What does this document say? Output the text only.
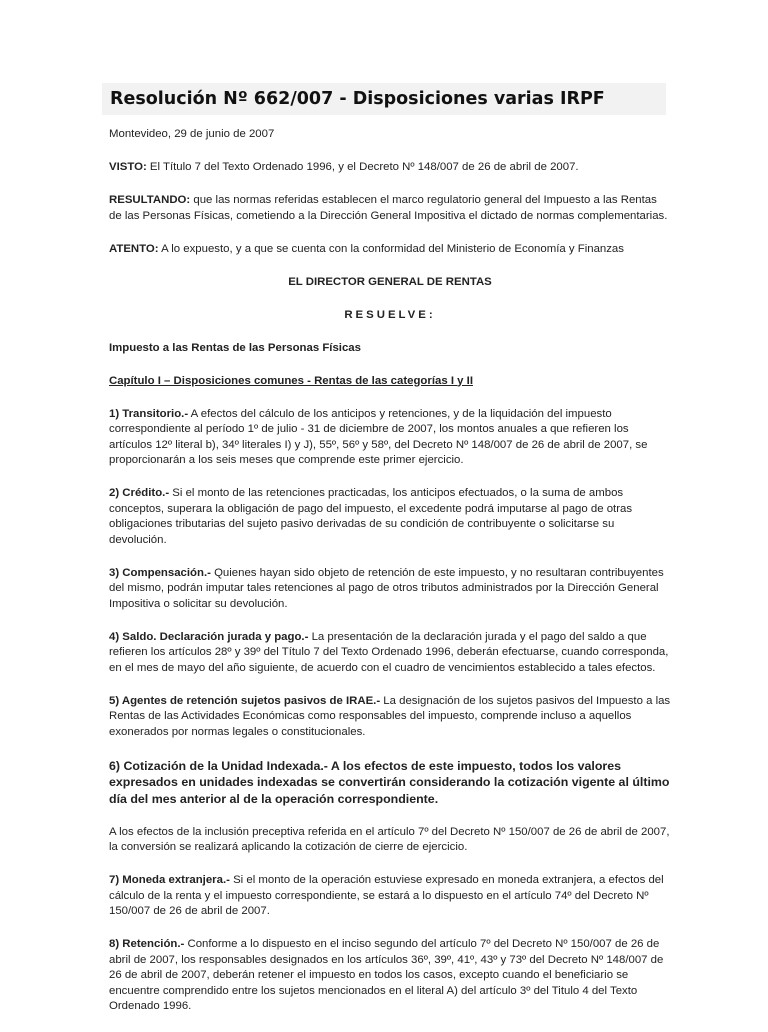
Resolución Nº 662/007 - Disposiciones varias IRPF

Montevideo, 29 de junio de 2007

VISTO: El Título 7 del Texto Ordenado 1996, y el Decreto Nº 148/007 de 26 de abril de 2007.

RESULTANDO: que las normas referidas establecen el marco regulatorio general del Impuesto a las Rentas de las Personas Físicas, cometiendo a la Dirección General Impositiva el dictado de normas complementarias.

ATENTO: A lo expuesto, y a que se cuenta con la conformidad del Ministerio de Economía y Finanzas

EL DIRECTOR GENERAL DE RENTAS

RESUELVE:

Impuesto a las Rentas de las Personas Físicas

Capítulo I – Disposiciones comunes - Rentas de las categorías I y II

1) Transitorio.- A efectos del cálculo de los anticipos y retenciones, y de la liquidación del impuesto correspondiente al período 1º de julio - 31 de diciembre de 2007, los montos anuales a que refieren los artículos 12º literal b), 34º literales I) y J), 55º, 56º y 58º, del Decreto Nº 148/007 de 26 de abril de 2007, se proporcionarán a los seis meses que comprende este primer ejercicio.

2) Crédito.- Si el monto de las retenciones practicadas, los anticipos efectuados, o la suma de ambos conceptos, superara la obligación de pago del impuesto, el excedente podrá imputarse al pago de otras obligaciones tributarias del sujeto pasivo derivadas de su condición de contribuyente o solicitarse su devolución.

3) Compensación.- Quienes hayan sido objeto de retención de este impuesto, y no resultaran contribuyentes del mismo, podrán imputar tales retenciones al pago de otros tributos administrados por la Dirección General Impositiva o solicitar su devolución.

4) Saldo. Declaración jurada y pago.- La presentación de la declaración jurada y el pago del saldo a que refieren los artículos 28º y 39º del Título 7 del Texto Ordenado 1996, deberán efectuarse, cuando corresponda, en el mes de mayo del año siguiente, de acuerdo con el cuadro de vencimientos establecido a tales efectos.

5) Agentes de retención sujetos pasivos de IRAE.- La designación de los sujetos pasivos del Impuesto a las Rentas de las Actividades Económicas como responsables del impuesto, comprende incluso a aquellos exonerados por normas legales o constitucionales.

6) Cotización de la Unidad Indexada.- A los efectos de este impuesto, todos los valores expresados en unidades indexadas se convertirán considerando la cotización vigente al último día del mes anterior al de la operación correspondiente.

A los efectos de la inclusión preceptiva referida en el artículo 7º del Decreto Nº 150/007 de 26 de abril de 2007, la conversión se realizará aplicando la cotización de cierre de ejercicio.

7) Moneda extranjera.- Si el monto de la operación estuviese expresado en moneda extranjera, a efectos del cálculo de la renta y el impuesto correspondiente, se estará a lo dispuesto en el artículo 74º del Decreto Nº 150/007 de 26 de abril de 2007.

8) Retención.- Conforme a lo dispuesto en el inciso segundo del artículo 7º del Decreto Nº 150/007 de 26 de abril de 2007, los responsables designados en los artículos 36º, 39º, 41º, 43º y 73º del Decreto Nº 148/007 de 26 de abril de 2007, deberán retener el impuesto en todos los casos, excepto cuando el beneficiario se encuentre comprendido entre los sujetos mencionados en el literal A) del artículo 3º del Titulo 4 del Texto Ordenado 1996.
